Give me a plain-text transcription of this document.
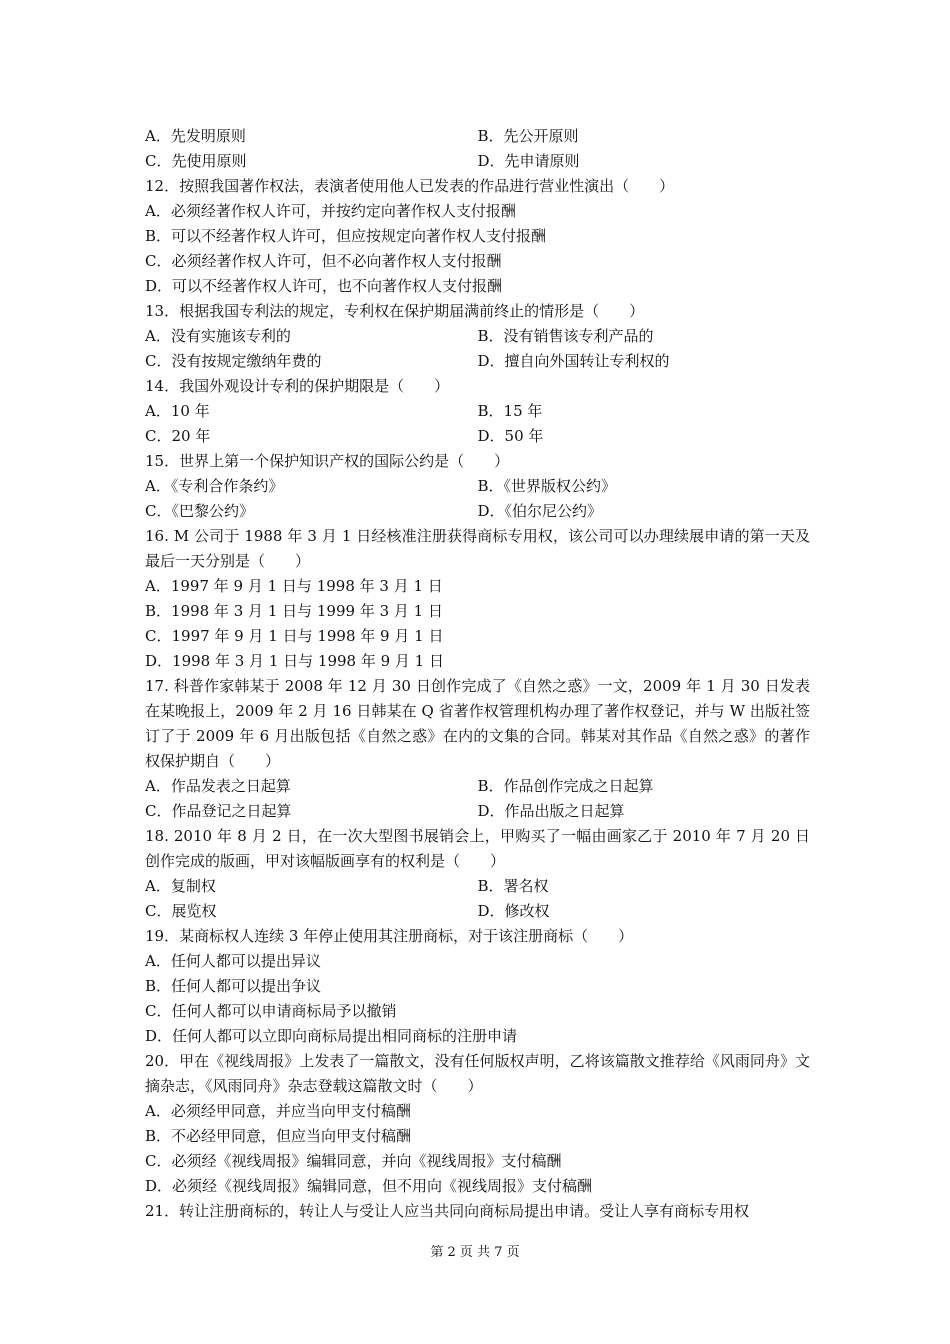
A．先发明原则	B．先公开原则
C．先使用原则	D．先申请原则
12．按照我国著作权法，表演者使用他人已发表的作品进行营业性演出（　　）
A．必须经著作权人许可，并按约定向著作权人支付报酬
B．可以不经著作权人许可，但应按规定向著作权人支付报酬
C．必须经著作权人许可，但不必向著作权人支付报酬
D．可以不经著作权人许可，也不向著作权人支付报酬
13．根据我国专利法的规定，专利权在保护期届满前终止的情形是（　　）
A．没有实施该专利的	B．没有销售该专利产品的
C．没有按规定缴纳年费的	D．擅自向外国转让专利权的
14．我国外观设计专利的保护期限是（　　）
A．10 年	B．15 年
C．20 年	D．50 年
15．世界上第一个保护知识产权的国际公约是（　　）
A．《专利合作条约》	B．《世界版权公约》
C．《巴黎公约》	D．《伯尔尼公约》
16. M 公司于 1988 年 3 月 1 日经核准注册获得商标专用权，该公司可以办理续展申请的第一天及最后一天分别是（　　）
A．1997 年 9 月 1 日与 1998 年 3 月 1 日
B．1998 年 3 月 1 日与 1999 年 3 月 1 日
C．1997 年 9 月 1 日与 1998 年 9 月 1 日
D．1998 年 3 月 1 日与 1998 年 9 月 1 日
17. 科普作家韩某于 2008 年 12 月 30 日创作完成了《自然之惑》一文，2009 年 1 月 30 日发表在某晚报上，2009 年 2 月 16 日韩某在 Q 省著作权管理机构办理了著作权登记，并与 W 出版社签订了于 2009 年 6 月出版包括《自然之惑》在内的文集的合同。韩某对其作品《自然之惑》的著作权保护期自（　　）
A．作品发表之日起算	B．作品创作完成之日起算
C．作品登记之日起算	D．作品出版之日起算
18. 2010 年 8 月 2 日，在一次大型图书展销会上，甲购买了一幅由画家乙于 2010 年 7 月 20 日创作完成的版画，甲对该幅版画享有的权利是（　　）
A．复制权	B．署名权
C．展览权	D．修改权
19．某商标权人连续 3 年停止使用其注册商标，对于该注册商标（　　）
A．任何人都可以提出异议
B．任何人都可以提出争议
C．任何人都可以申请商标局予以撤销
D．任何人都可以立即向商标局提出相同商标的注册申请
20．甲在《视线周报》上发表了一篇散文，没有任何版权声明，乙将该篇散文推荐给《风雨同舟》文摘杂志，《风雨同舟》杂志登载这篇散文时（　　）
A．必须经甲同意，并应当向甲支付稿酬
B．不必经甲同意，但应当向甲支付稿酬
C．必须经《视线周报》编辑同意，并向《视线周报》支付稿酬
D．必须经《视线周报》编辑同意，但不用向《视线周报》支付稿酬
21．转让注册商标的，转让人与受让人应当共同向商标局提出申请。受让人享有商标专用权
第 2 页 共 7 页
